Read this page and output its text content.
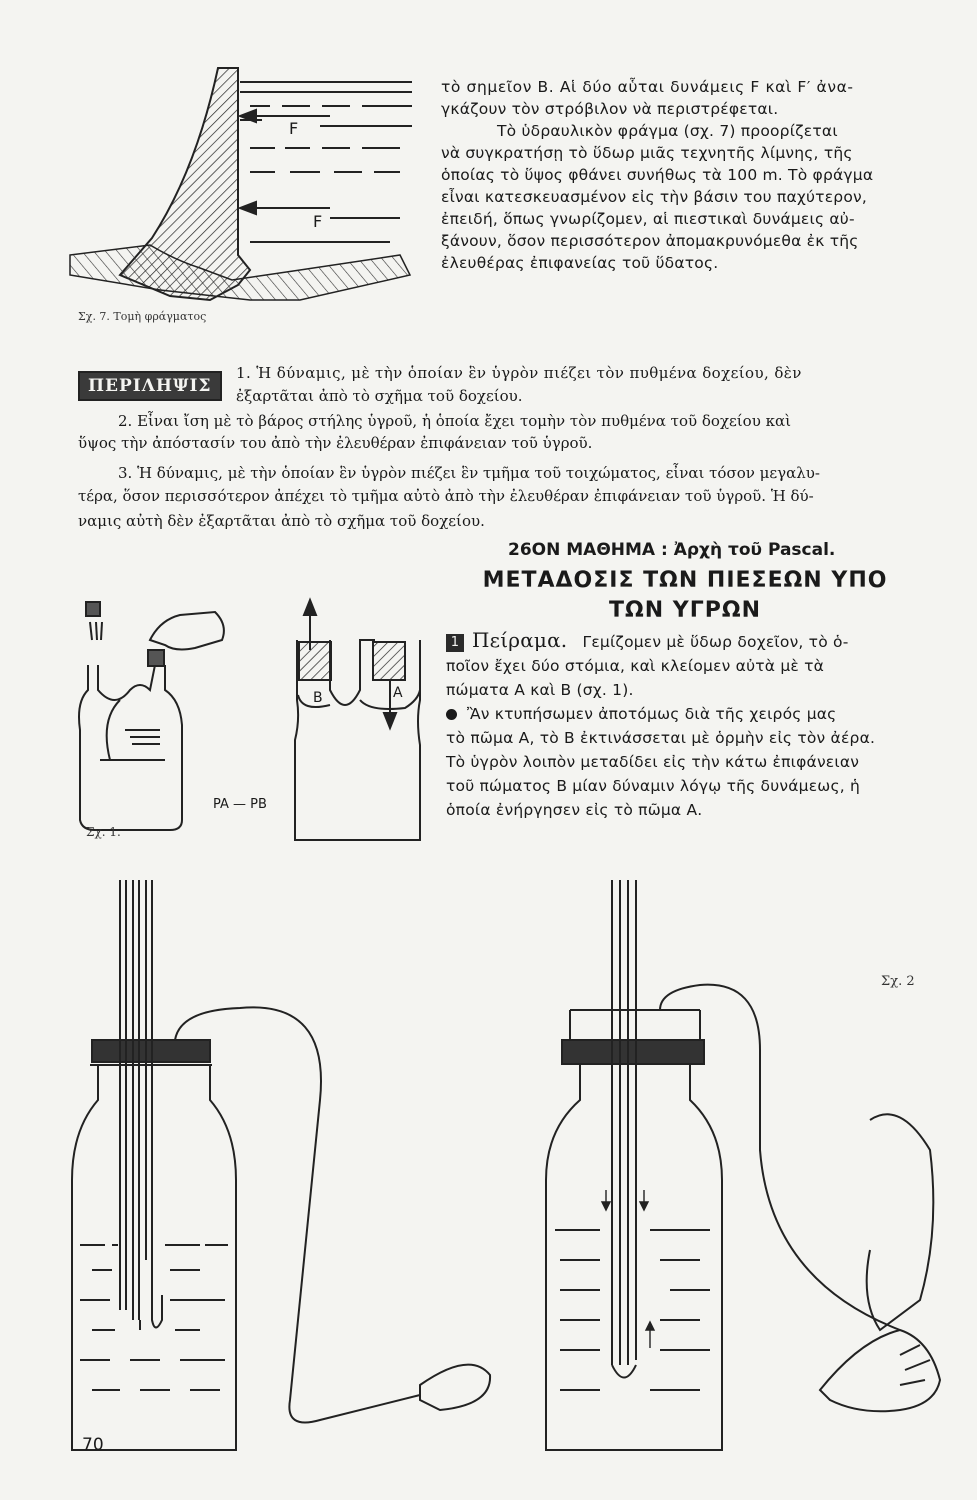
τὸ σημεῖον B. Αἱ δύο αὗται δυνάμεις F καὶ F′ ἀνα-
γκάζουν τὸν στρόβιλον νὰ περιστρέφεται.
Τὸ ὑδραυλικὸν φράγμα (σχ. 7) προορίζεται
νὰ συγκρατήσῃ τὸ ὕδωρ μιᾶς τεχνητῆς λίμνης, τῆς
ὁποίας τὸ ὕψος φθάνει συνήθως τὰ 100 m. Τὸ φράγμα
εἶναι κατεσκευασμένον εἰς τὴν βάσιν του παχύτερον,
ἐπειδή, ὅπως γνωρίζομεν, αἱ πιεστικαὶ δυνάμεις αὐ-
ξάνουν, ὅσον περισσότερον ἀπομακρυνόμεθα ἐκ τῆς
ἐλευθέρας ἐπιφανείας τοῦ ὕδατος.
F
F
Σχ. 7. Τομὴ φράγματος
ΠΕΡΙΛΗΨΙΣ
1. Ἡ δύναμις, μὲ τὴν ὁποίαν ἓν ὑγρὸν πιέζει τὸν πυθμένα δοχείου, δὲν
ἐξαρτᾶται ἀπὸ τὸ σχῆμα τοῦ δοχείου.
2. Εἶναι ἴση μὲ τὸ βάρος στήλης ὑγροῦ, ἡ ὁποία ἔχει τομὴν τὸν πυθμένα τοῦ δοχείου καὶ
ὕψος τὴν ἀπόστασίν του ἀπὸ τὴν ἐλευθέραν ἐπιφάνειαν τοῦ ὑγροῦ.
3. Ἡ δύναμις, μὲ τὴν ὁποίαν ἓν ὑγρὸν πιέζει ἓν τμῆμα τοῦ τοιχώματος, εἶναι τόσον μεγαλυ-
τέρα, ὅσον περισσότερον ἀπέχει τὸ τμῆμα αὐτὸ ἀπὸ τὴν ἐλευθέραν ἐπιφάνειαν τοῦ ὑγροῦ. Ἡ δύ-
ναμις αὐτὴ δὲν ἐξαρτᾶται ἀπὸ τὸ σχῆμα τοῦ δοχείου.
26ΟΝ ΜΑΘΗΜΑ : Ἀρχὴ τοῦ Pascal.
ΜΕΤΑΔΟΣΙΣ ΤΩΝ ΠΙΕΣΕΩΝ ΥΠΟ
ΤΩΝ ΥΓΡΩΝ
1 Πείραμα. Γεμίζομεν μὲ ὕδωρ δοχεῖον, τὸ ὁ-
ποῖον ἔχει δύο στόμια, καὶ κλείομεν αὐτὰ μὲ τὰ
πώματα Α καὶ Β (σχ. 1).
Ἂν κτυπήσωμεν ἀποτόμως διὰ τῆς χειρός μας
τὸ πῶμα Α, τὸ Β ἐκτινάσσεται μὲ ὁρμὴν εἰς τὸν ἀέρα.
Τὸ ὑγρὸν λοιπὸν μεταδίδει εἰς τὴν κάτω ἐπιφάνειαν
τοῦ πώματος Β μίαν δύναμιν λόγῳ τῆς δυνάμεως, ἡ
ὁποία ἐνήργησεν εἰς τὸ πῶμα Α.
B	A
PA — PB
Σχ. 1.
Σχ. 2
70
